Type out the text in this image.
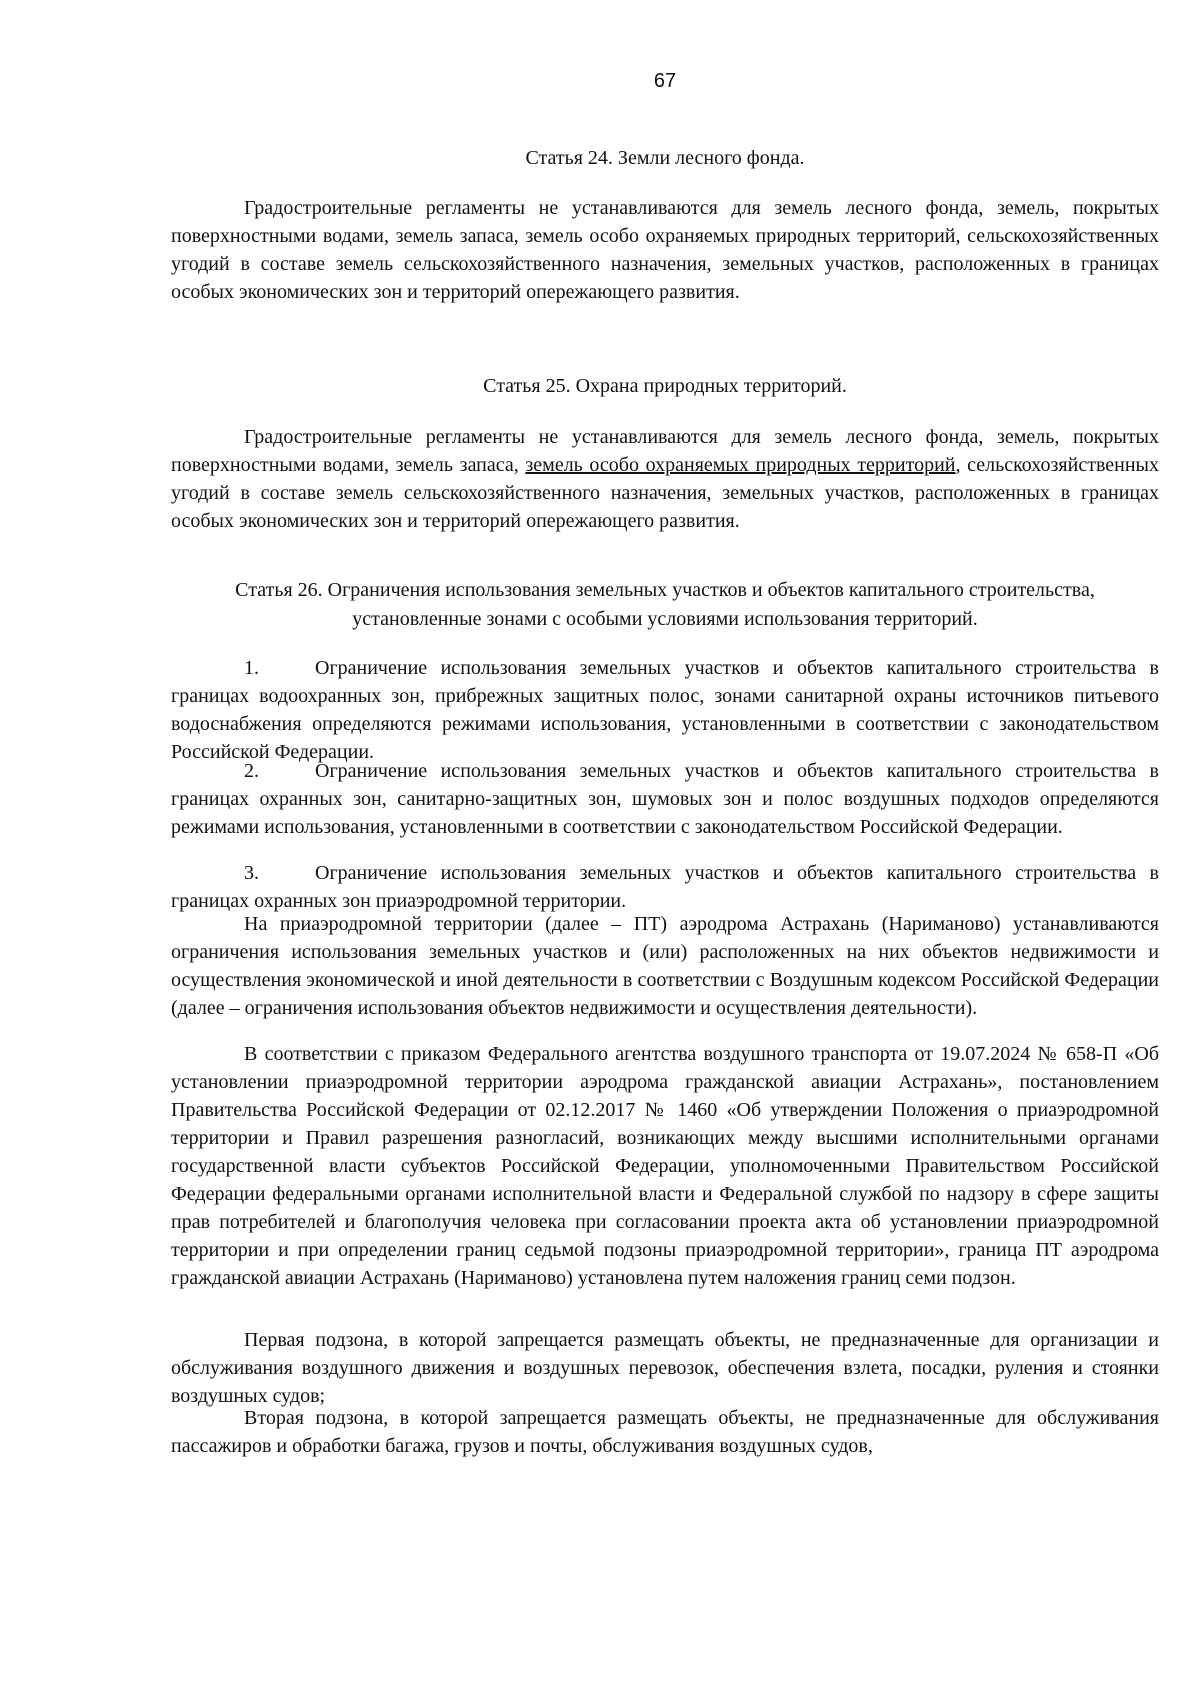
67
Статья 24. Земли лесного фонда.

Градостроительные регламенты не устанавливаются для земель лесного фонда, земель, покрытых поверхностными водами, земель запаса, земель особо охраняемых природных территорий, сельскохозяйственных угодий в составе земель сельскохозяйственного назначения, земельных участков, расположенных в границах особых экономических зон и территорий опережающего развития.

Статья 25. Охрана природных территорий.

Градостроительные регламенты не устанавливаются для земель лесного фонда, земель, покрытых поверхностными водами, земель запаса, земель особо охраняемых природных территорий, сельскохозяйственных угодий в составе земель сельскохозяйственного назначения, земельных участков, расположенных в границах особых экономических зон и территорий опережающего развития.

Статья 26. Ограничения использования земельных участков и объектов капитального строительства, установленные зонами с особыми условиями использования территорий.

1.	Ограничение использования земельных участков и объектов капитального строительства в границах водоохранных зон, прибрежных защитных полос, зонами санитарной охраны источников питьевого водоснабжения определяются режимами использования, установленными в соответствии с законодательством Российской Федерации.

2.	Ограничение использования земельных участков и объектов капитального строительства в границах охранных зон, санитарно-защитных зон, шумовых зон и полос воздушных подходов определяются режимами использования, установленными в соответствии с законодательством Российской Федерации.

3.	Ограничение использования земельных участков и объектов капитального строительства в границах охранных зон приаэродромной территории.

На приаэродромной территории (далее – ПТ) аэродрома Астрахань (Нариманово) устанавливаются ограничения использования земельных участков и (или) расположенных на них объектов недвижимости и осуществления экономической и иной деятельности в соответствии с Воздушным кодексом Российской Федерации (далее – ограничения использования объектов недвижимости и осуществления деятельности).

В соответствии с приказом Федерального агентства воздушного транспорта от 19.07.2024 № 658-П «Об установлении приаэродромной территории аэродрома гражданской авиации Астрахань», постановлением Правительства Российской Федерации от 02.12.2017 № 1460 «Об утверждении Положения о приаэродромной территории и Правил разрешения разногласий, возникающих между высшими исполнительными органами государственной власти субъектов Российской Федерации, уполномоченными Правительством Российской Федерации федеральными органами исполнительной власти и Федеральной службой по надзору в сфере защиты прав потребителей и благополучия человека при согласовании проекта акта об установлении приаэродромной территории и при определении границ седьмой подзоны приаэродромной территории», граница ПТ аэродрома гражданской авиации Астрахань (Нариманово) установлена путем наложения границ семи подзон.

Первая подзона, в которой запрещается размещать объекты, не предназначенные для организации и обслуживания воздушного движения и воздушных перевозок, обеспечения взлета, посадки, руления и стоянки воздушных судов;

Вторая подзона, в которой запрещается размещать объекты, не предназначенные для обслуживания пассажиров и обработки багажа, грузов и почты, обслуживания воздушных судов,
